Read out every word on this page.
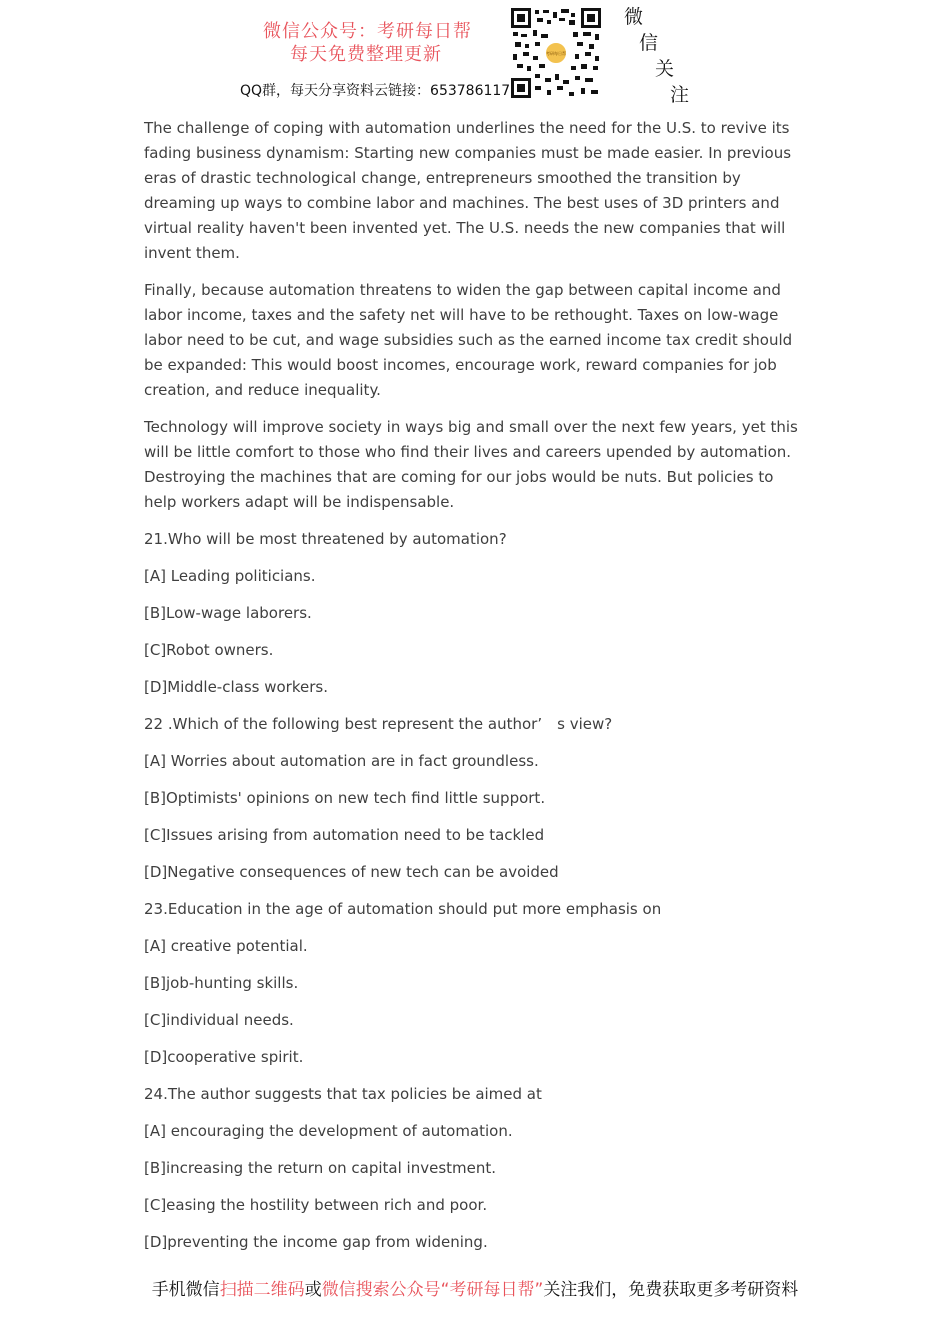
微信公众号：考研每日帮
每天免费整理更新
QQ群，每天分享资料云链接：653786117
考研每日帮
微
信
关
注

The challenge of coping with automation underlines the need for the U.S. to revive its fading business dynamism: Starting new companies must be made easier. In previous eras of drastic technological change, entrepreneurs smoothed the transition by dreaming up ways to combine labor and machines. The best uses of 3D printers and virtual reality haven't been invented yet. The U.S. needs the new companies that will invent them.

Finally, because automation threatens to widen the gap between capital income and labor income, taxes and the safety net will have to be rethought. Taxes on low-wage labor need to be cut, and wage subsidies such as the earned income tax credit should be expanded: This would boost incomes, encourage work, reward companies for job creation, and reduce inequality.

Technology will improve society in ways big and small over the next few years, yet this will be little comfort to those who find their lives and careers upended by automation. Destroying the machines that are coming for our jobs would be nuts. But policies to help workers adapt will be indispensable.

21.Who will be most threatened by automation?

[A] Leading politicians.

[B]Low-wage laborers.

[C]Robot owners.

[D]Middle-class workers.

22 .Which of the following best represent the author’　s view?

[A] Worries about automation are in fact groundless.

[B]Optimists' opinions on new tech find little support.

[C]Issues arising from automation need to be tackled

[D]Negative consequences of new tech can be avoided

23.Education in the age of automation should put more emphasis on

[A] creative potential.

[B]job-hunting skills.

[C]individual needs.

[D]cooperative spirit.

24.The author suggests that tax policies be aimed at

[A] encouraging the development of automation.

[B]increasing the return on capital investment.

[C]easing the hostility between rich and poor.

[D]preventing the income gap from widening.

手机微信扫描二维码或微信搜索公众号“考研每日帮”关注我们，免费获取更多考研资料
